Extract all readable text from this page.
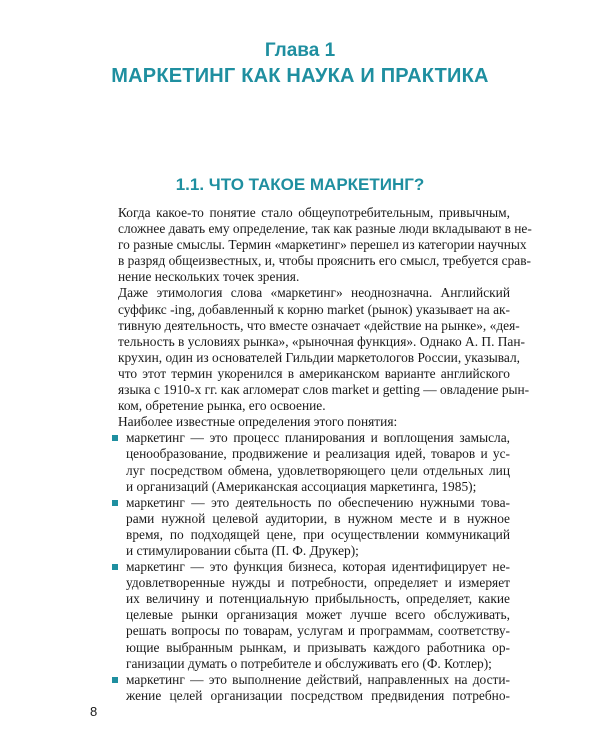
Глава 1
МАРКЕТИНГ КАК НАУКА И ПРАКТИКА
1.1. ЧТО ТАКОЕ МАРКЕТИНГ?

Когда какое-то понятие стало общеупотребительным, привычным,
сложнее давать ему определение, так как разные люди вкладывают в не-
го разные смыслы. Термин «маркетинг» перешел из категории научных
в разряд общеизвестных, и, чтобы прояснить его смысл, требуется срав-
нение нескольких точек зрения.

Даже этимология слова «маркетинг» неоднозначна. Английский
суффикс -ing, добавленный к корню market (рынок) указывает на ак-
тивную деятельность, что вместе означает «действие на рынке», «дея-
тельность в условиях рынка», «рыночная функция». Однако А. П. Пан-
крухин, один из основателей Гильдии маркетологов России, указывал,
что этот термин укоренился в американском варианте английского
языка с 1910-х гг. как агломерат слов market и getting — овладение рын-
ком, обретение рынка, его освоение.

Наиболее известные определения этого понятия:

маркетинг — это процесс планирования и воплощения замысла,
ценообразование, продвижение и реализация идей, товаров и ус-
луг посредством обмена, удовлетворяющего цели отдельных лиц
и организаций (Американская ассоциация маркетинга, 1985);
маркетинг — это деятельность по обеспечению нужными това-
рами нужной целевой аудитории, в нужном месте и в нужное
время, по подходящей цене, при осуществлении коммуникаций
и стимулировании сбыта (П. Ф. Друкер);
маркетинг — это функция бизнеса, которая идентифицирует не-
удовлетворенные нужды и потребности, определяет и измеряет
их величину и потенциальную прибыльность, определяет, какие
целевые рынки организация может лучше всего обслуживать,
решать вопросы по товарам, услугам и программам, соответству-
ющие выбранным рынкам, и призывать каждого работника ор-
ганизации думать о потребителе и обслуживать его (Ф. Котлер);
маркетинг — это выполнение действий, направленных на дости-
жение целей организации посредством предвидения потребно-
8
